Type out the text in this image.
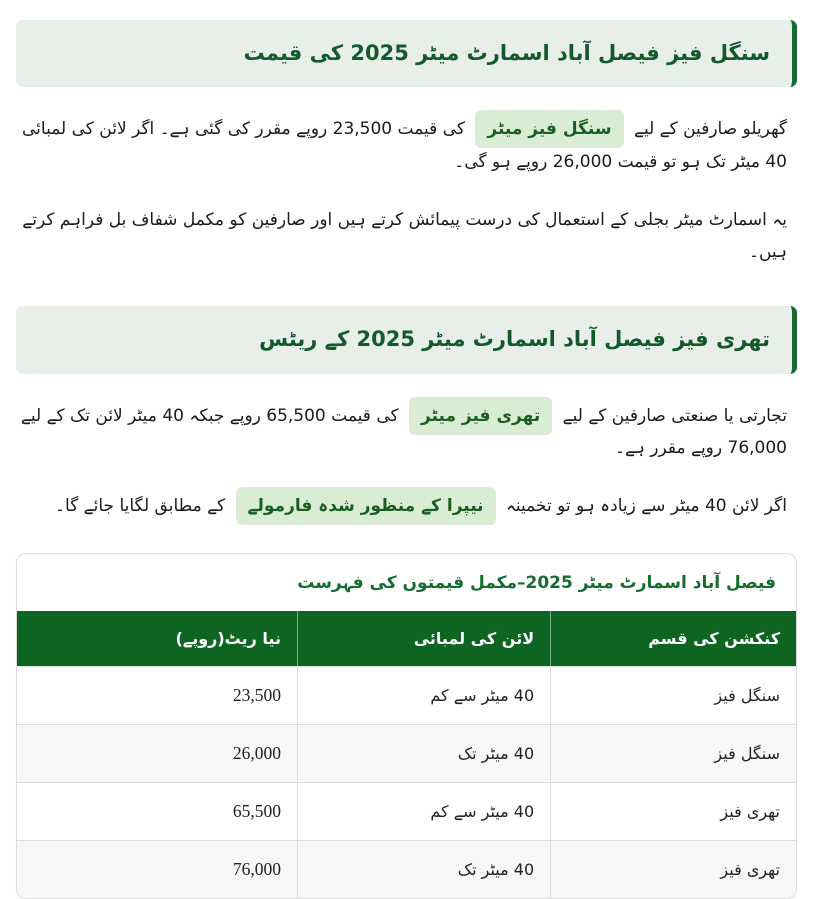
سنگل فیز فیصل آباد اسمارٹ میٹر 2025 کی قیمت

گھریلو صارفین کے لیے سنگل فیز میٹر کی قیمت 23,500 روپے مقرر کی گئی ہے۔ اگر لائن کی لمبائی 40 میٹر تک ہو تو قیمت 26,000 روپے ہو گی۔

یہ اسمارٹ میٹر بجلی کے استعمال کی درست پیمائش کرتے ہیں اور صارفین کو مکمل شفاف بل فراہم کرتے ہیں۔

تھری فیز فیصل آباد اسمارٹ میٹر 2025 کے ریٹس

تجارتی یا صنعتی صارفین کے لیے تھری فیز میٹر کی قیمت 65,500 روپے جبکہ 40 میٹر لائن تک کے لیے 76,000 روپے مقرر ہے۔

اگر لائن 40 میٹر سے زیادہ ہو تو تخمینہ نیپرا کے منظور شدہ فارمولے کے مطابق لگایا جائے گا۔

فیصل آباد اسمارٹ میٹر 2025–مکمل قیمتوں کی فہرست
کنکشن کی قسم	لائن کی لمبائی	نیا ریٹ(روپے)
سنگل فیز	40 میٹر سے کم	23,500
سنگل فیز	40 میٹر تک	26,000
تھری فیز	40 میٹر سے کم	65,500
تھری فیز	40 میٹر تک	76,000
